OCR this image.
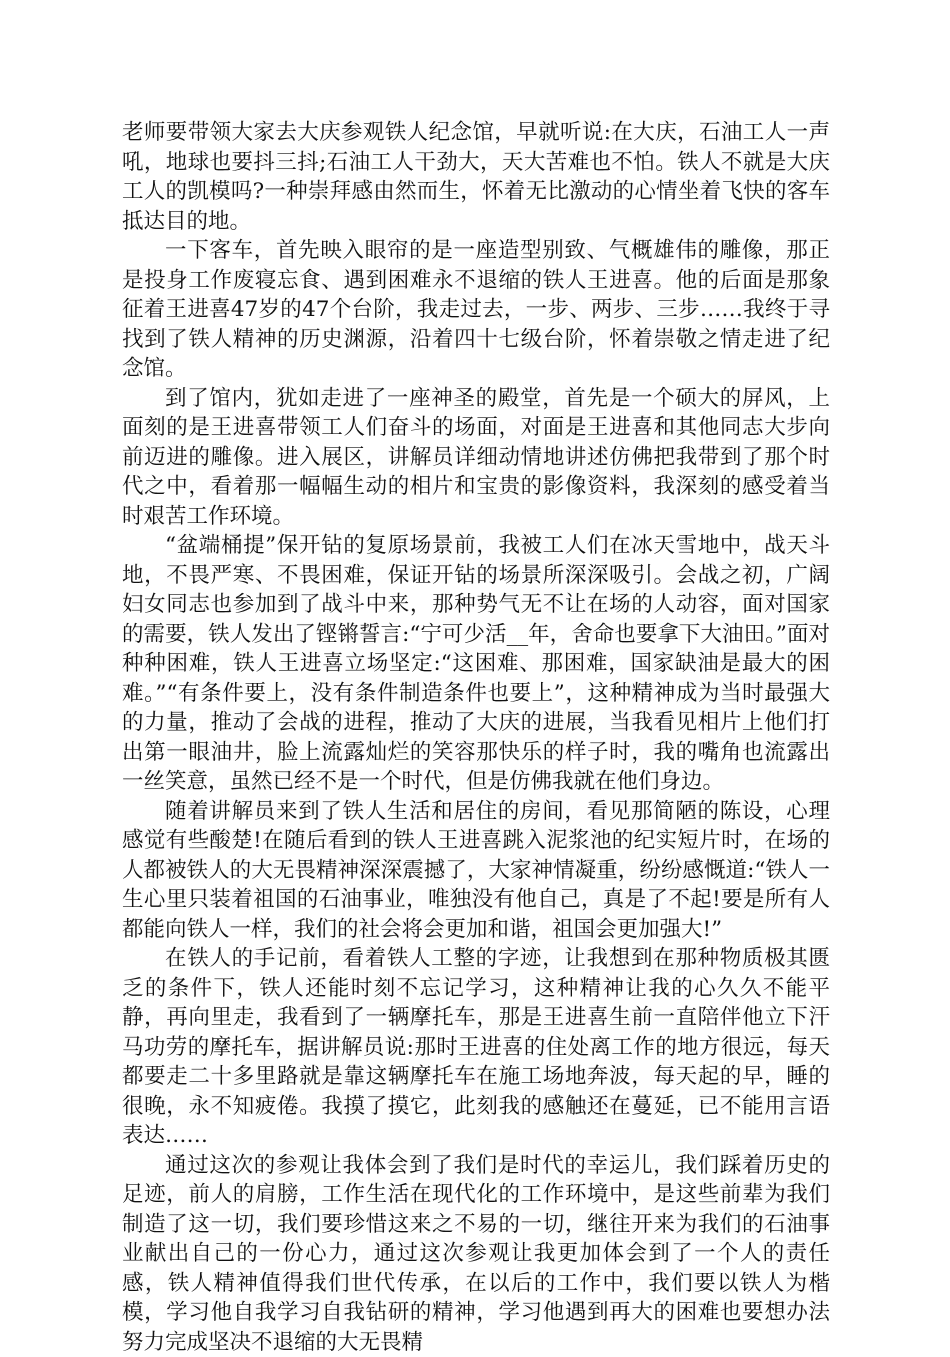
老师要带领大家去大庆参观铁人纪念馆，早就听说:在大庆，石油工人一声吼，地球也要抖三抖;石油工人干劲大，天大苦难也不怕。铁人不就是大庆工人的凯模吗?一种崇拜感由然而生，怀着无比激动的心情坐着飞快的客车抵达目的地。

一下客车，首先映入眼帘的是一座造型别致、气概雄伟的雕像，那正是投身工作废寝忘食、遇到困难永不退缩的铁人王进喜。他的后面是那象征着王进喜47岁的47个台阶，我走过去，一步、两步、三步……我终于寻找到了铁人精神的历史渊源，沿着四十七级台阶，怀着崇敬之情走进了纪念馆。

到了馆内，犹如走进了一座神圣的殿堂，首先是一个硕大的屏风，上面刻的是王进喜带领工人们奋斗的场面，对面是王进喜和其他同志大步向前迈进的雕像。进入展区，讲解员详细动情地讲述仿佛把我带到了那个时代之中，看着那一幅幅生动的相片和宝贵的影像资料，我深刻的感受着当时艰苦工作环境。

“盆端桶提”保开钻的复原场景前，我被工人们在冰天雪地中，战天斗地，不畏严寒、不畏困难，保证开钻的场景所深深吸引。会战之初，广阔妇女同志也参加到了战斗中来，那种势气无不让在场的人动容，面对国家的需要，铁人发出了铿锵誓言:“宁可少活__年，舍命也要拿下大油田。”面对种种困难，铁人王进喜立场坚定:“这困难、那困难，国家缺油是最大的困难。”“有条件要上，没有条件制造条件也要上”，这种精神成为当时最强大的力量，推动了会战的进程，推动了大庆的进展，当我看见相片上他们打出第一眼油井，脸上流露灿烂的笑容那快乐的样子时，我的嘴角也流露出一丝笑意，虽然已经不是一个时代，但是仿佛我就在他们身边。

随着讲解员来到了铁人生活和居住的房间，看见那简陋的陈设，心理感觉有些酸楚!在随后看到的铁人王进喜跳入泥浆池的纪实短片时，在场的人都被铁人的大无畏精神深深震撼了，大家神情凝重，纷纷感慨道:“铁人一生心里只装着祖国的石油事业，唯独没有他自己，真是了不起!要是所有人都能向铁人一样，我们的社会将会更加和谐，祖国会更加强大!”

在铁人的手记前，看着铁人工整的字迹，让我想到在那种物质极其匮乏的条件下，铁人还能时刻不忘记学习，这种精神让我的心久久不能平静，再向里走，我看到了一辆摩托车，那是王进喜生前一直陪伴他立下汗马功劳的摩托车，据讲解员说:那时王进喜的住处离工作的地方很远，每天都要走二十多里路就是靠这辆摩托车在施工场地奔波，每天起的早，睡的很晚，永不知疲倦。我摸了摸它，此刻我的感触还在蔓延，已不能用言语表达……

通过这次的参观让我体会到了我们是时代的幸运儿，我们踩着历史的足迹，前人的肩膀，工作生活在现代化的工作环境中，是这些前辈为我们制造了这一切，我们要珍惜这来之不易的一切，继往开来为我们的石油事业献出自己的一份心力，通过这次参观让我更加体会到了一个人的责任感，铁人精神值得我们世代传承，在以后的工作中，我们要以铁人为楷模，学习他自我学习自我钻研的精神，学习他遇到再大的困难也要想办法努力完成坚决不退缩的大无畏精
